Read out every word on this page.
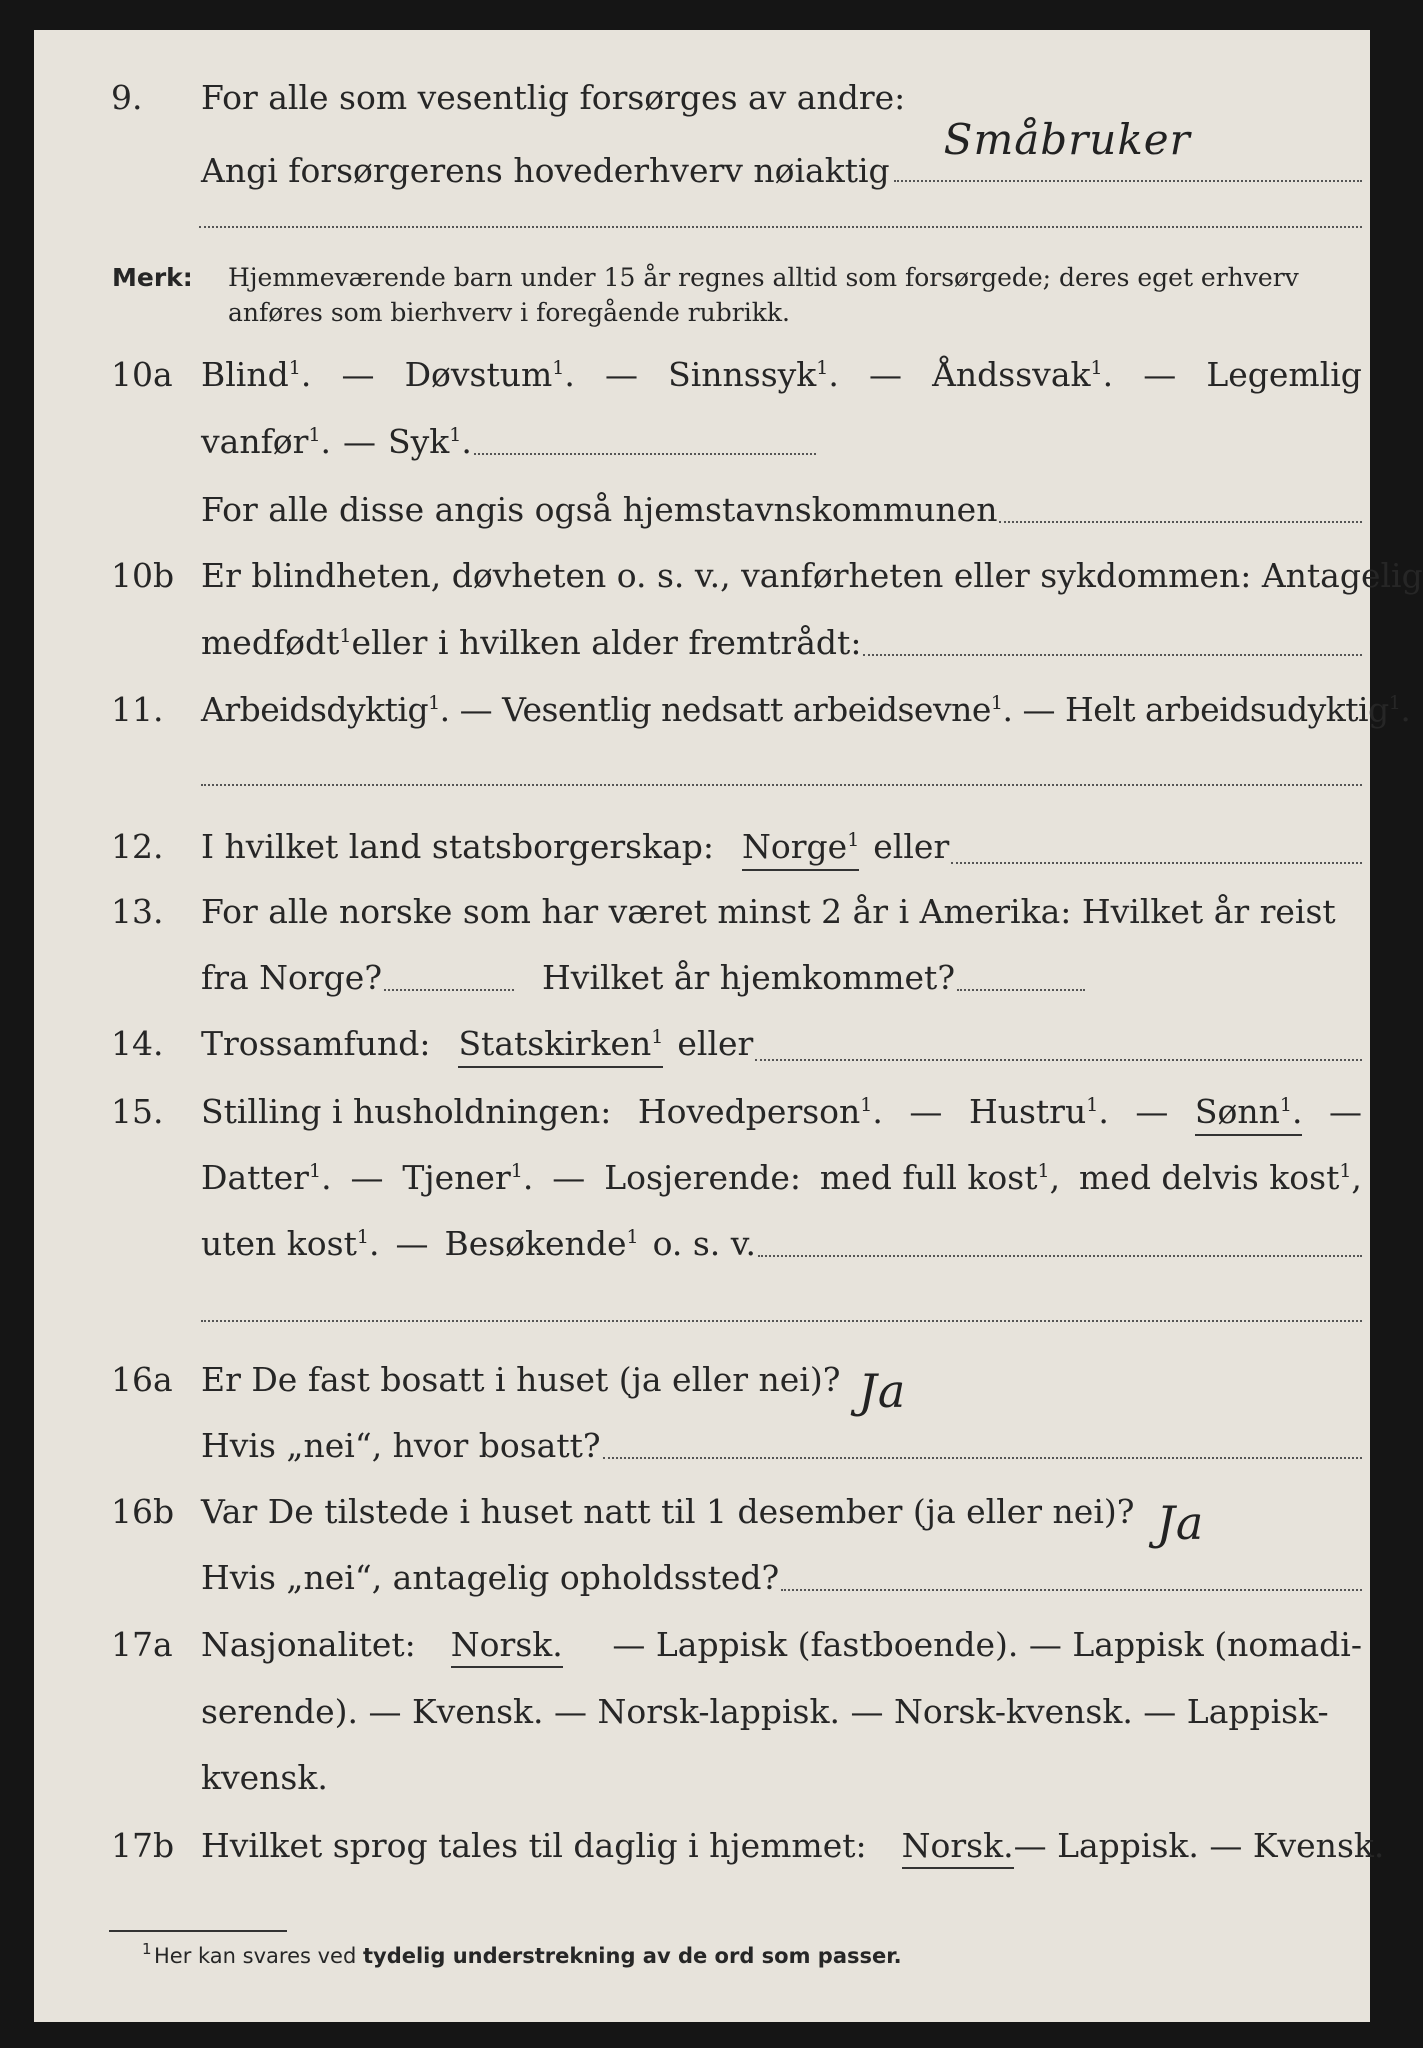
9. For alle som vesentlig forsørges av andre:
Angi forsørgerens hovederhverv nøiaktig
Småbruker
Merk: Hjemmeværende barn under 15 år regnes alltid som forsørgede; deres eget erhverv
anføres som bierhverv i foregående rubrikk.
10a Blind$^1$. — Døvstum$^1$. — Sinnssyk$^1$. — Åndssvak$^1$. — Legemlig
vanfør$^1$. — Syk$^1$.
For alle disse angis også hjemstavnskommunen
10b Er blindheten, døvheten o. s. v., vanførheten eller sykdommen: Antagelig
medfødt$^1$ eller i hvilken alder fremtrådt:
11. Arbeidsdyktig$^1$ . — Vesentlig nedsatt arbeidsevne$^1$ . — Helt arbeidsudyktig$^1$.
12. I hvilket land statsborgerskap: Norge$^1$ eller
13. For alle norske som har været minst 2 år i Amerika: Hvilket år reist
fra Norge?	Hvilket år hjemkommet?
14. Trossamfund: Statskirken$^1$ eller
15. Stilling i husholdningen: Hovedperson$^1$. — Hustru$^1$. — Sønn$^1$. —
Datter$^1$. — Tjener$^1$. — Losjerende: med full kost$^1$, med delvis kost$^1$,
uten kost$^1$. — Besøkende$^1$ o. s. v.
16a Er De fast bosatt i huset (ja eller nei)? Ja
Hvis „nei“, hvor bosatt?
16b Var De tilstede i huset natt til 1 desember (ja eller nei)? Ja
Hvis „nei“, antagelig opholdssted?
17a Nasjonalitet: Norsk. — Lappisk (fastboende). — Lappisk (nomadi-
serende). — Kvensk. — Norsk-lappisk. — Norsk-kvensk. — Lappisk-
kvensk.
17b Hvilket sprog tales til daglig i hjemmet: Norsk. — Lappisk. — Kvensk.
1 Her kan svares ved tydelig understrekning av de ord som passer.
